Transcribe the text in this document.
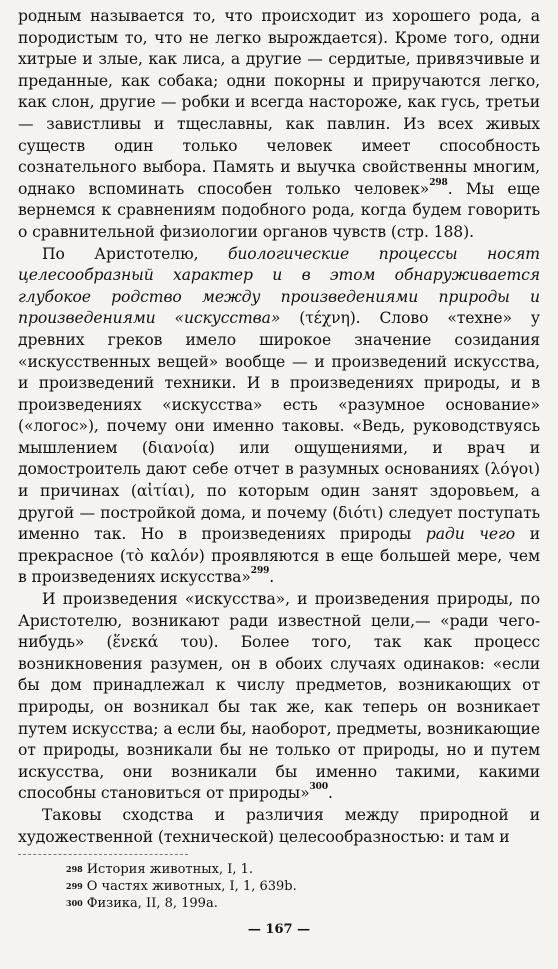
родным называется то, что происходит из хорошего рода, а породистым то, что не легко вырождается). Кроме того, одни хитрые и злые, как лиса, а другие — сердитые, привязчивые и преданные, как собака; одни покорны и приручаются легко, как слон, другие — робки и всегда настороже, как гусь, третьи — завистливы и тщеславны, как павлин. Из всех живых существ один только человек имеет способность сознательного выбора. Память и выучка свойственны многим, однако вспоминать способен только человек»$^{298}$. Мы еще вернемся к сравнениям подобного рода, когда будем говорить о сравнительной физиологии органов чувств (стр. 188).

По Аристотелю, биологические процессы носят целесообразный характер и в этом обнаруживается глубокое родство между произведениями природы и произведениями «искусства» (τέχνη). Слово «техне» у древних греков имело широкое значение созидания «искусственных вещей» вообще — и произведений искусства, и произведений техники. И в произведениях природы, и в произведениях «искусства» есть «разумное основание» («логос»), почему они именно таковы. «Ведь, руководствуясь мышлением (διανοία) или ощущениями, и врач и домостроитель дают себе отчет в разумных основаниях (λόγοι) и причинах (αἰτίαι), по которым один занят здоровьем, а другой — постройкой дома, и почему (διότι) следует поступать именно так. Но в произведениях природы ради чего и прекрасное (τὸ καλόν) проявляются в еще большей мере, чем в произведениях искусства»$^{299}$.

И произведения «искусства», и произведения природы, по Аристотелю, возникают ради известной цели,— «ради чего-нибудь» (ἕνεκά του). Более того, так как процесс возникновения разумен, он в обоих случаях одинаков: «если бы дом принадлежал к числу предметов, возникающих от природы, он возникал бы так же, как теперь он возникает путем искусства; а если бы, наоборот, предметы, возникающие от природы, возникали бы не только от природы, но и путем искусства, они возникали бы именно такими, какими способны становиться от природы»$^{300}$.

Таковы сходства и различия между природной и художественной (технической) целесообразностью: и там и

$^{298}$ История животных, I, 1.
$^{299}$ О частях животных, I, 1, 639b.
$^{300}$ Физика, II, 8, 199a.
— 167 —
